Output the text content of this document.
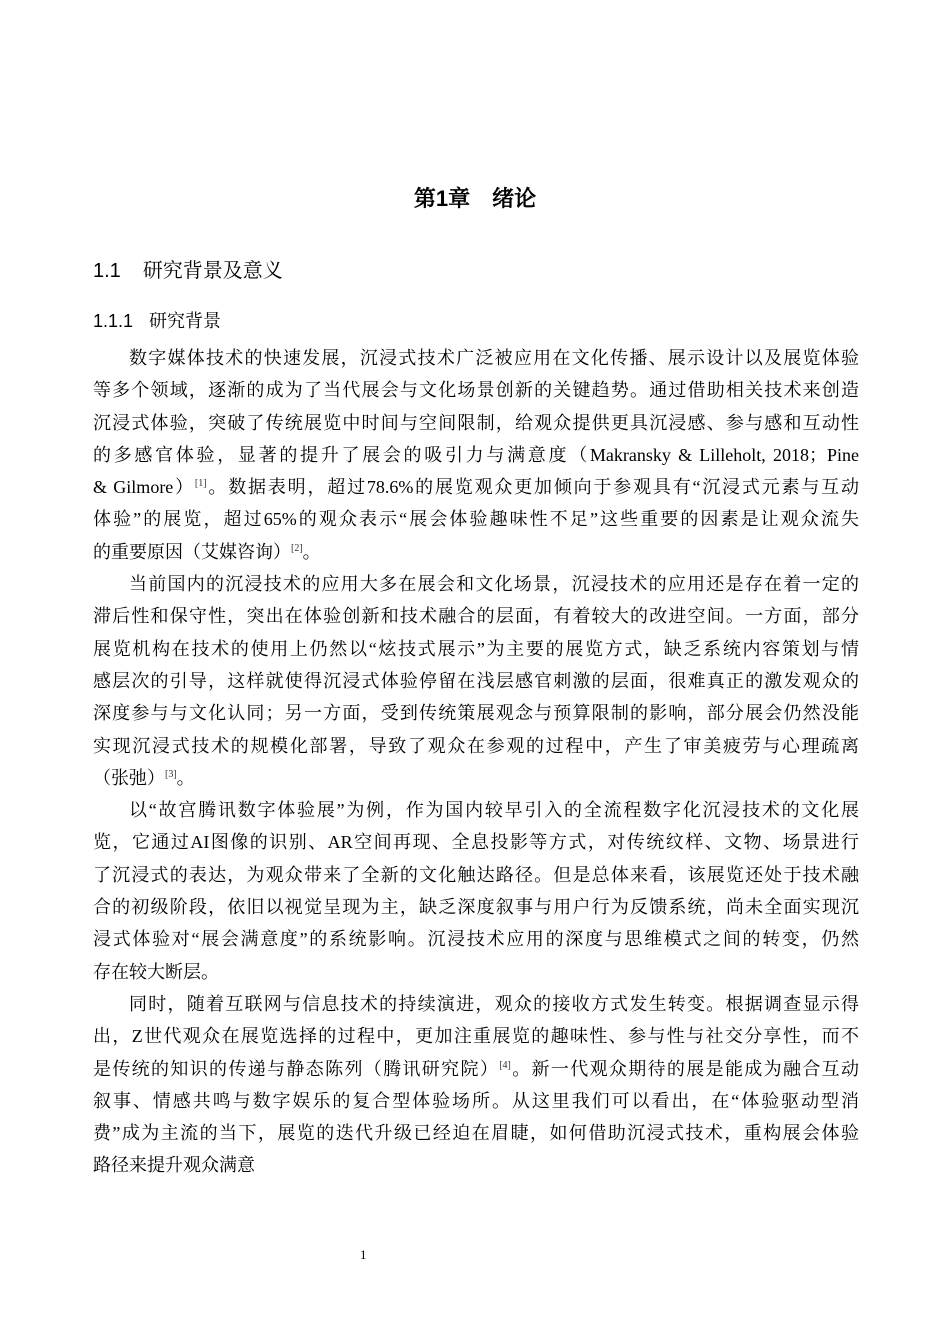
第1章 绪论
1.1 研究背景及意义
1.1.1 研究背景
数字媒体技术的快速发展，沉浸式技术广泛被应用在文化传播、展示设计以及展览体验
等多个领域，逐渐的成为了当代展会与文化场景创新的关键趋势。通过借助相关技术来创造
沉浸式体验，突破了传统展览中时间与空间限制，给观众提供更具沉浸感、参与感和互动性
的多感官体验，显著的提升了展会的吸引力与满意度（Makransky & Lilleholt, 2018；Pine
& Gilmore）[1]。数据表明，超过78.6%的展览观众更加倾向于参观具有“沉浸式元素与互动
体验”的展览，超过65%的观众表示“展会体验趣味性不足”这些重要的因素是让观众流失
的重要原因（艾媒咨询）[2]。
当前国内的沉浸技术的应用大多在展会和文化场景，沉浸技术的应用还是存在着一定的
滞后性和保守性，突出在体验创新和技术融合的层面，有着较大的改进空间。一方面，部分
展览机构在技术的使用上仍然以“炫技式展示”为主要的展览方式，缺乏系统内容策划与情
感层次的引导，这样就使得沉浸式体验停留在浅层感官刺激的层面，很难真正的激发观众的
深度参与与文化认同；另一方面，受到传统策展观念与预算限制的影响，部分展会仍然没能
实现沉浸式技术的规模化部署，导致了观众在参观的过程中，产生了审美疲劳与心理疏离
（张弛）[3]。
以“故宫腾讯数字体验展”为例，作为国内较早引入的全流程数字化沉浸技术的文化展
览，它通过AI图像的识别、AR空间再现、全息投影等方式，对传统纹样、文物、场景进行
了沉浸式的表达，为观众带来了全新的文化触达路径。但是总体来看，该展览还处于技术融
合的初级阶段，依旧以视觉呈现为主，缺乏深度叙事与用户行为反馈系统，尚未全面实现沉
浸式体验对“展会满意度”的系统影响。沉浸技术应用的深度与思维模式之间的转变，仍然
存在较大断层。
同时，随着互联网与信息技术的持续演进，观众的接收方式发生转变。根据调查显示得
出，Z世代观众在展览选择的过程中，更加注重展览的趣味性、参与性与社交分享性，而不
是传统的知识的传递与静态陈列（腾讯研究院）[4]。新一代观众期待的展是能成为融合互动
叙事、情感共鸣与数字娱乐的复合型体验场所。从这里我们可以看出，在“体验驱动型消
费”成为主流的当下，展览的迭代升级已经迫在眉睫，如何借助沉浸式技术，重构展会体验
路径来提升观众满意
1
